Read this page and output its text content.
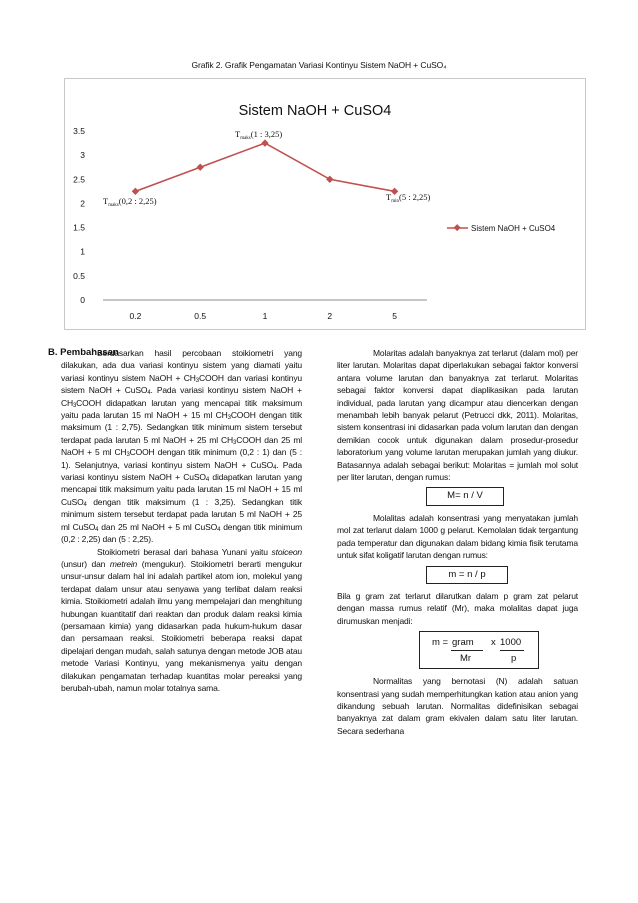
Grafik 2. Grafik Pengamatan Variasi Kontinyu Sistem NaOH + CuSO₄
Sistem NaOH + CuSO4
0
0.5
1
1.5
2
2.5
3
3.5
0.2	0.5	1	2	5
$T_{maks}(0,2$ : 2,25)
$T_{maks}(1$ : 3,25)
$T_{min}(5$ : 2,25)
Sistem NaOH + CuSO4
B. Pembahasan

Berdasarkan hasil percobaan stoikiometri yang dilakukan, ada dua variasi kontinyu sistem yang diamati yaitu variasi kontinyu sistem NaOH + $CH_3COOH$ dan variasi kontinyu sistem NaOH + CuSO$_4$. Pada variasi kontinyu sistem NaOH + $CH_3COOH$ didapatkan larutan yang mencapai titik maksimum yaitu pada larutan 15 ml NaOH + 15 ml $CH_3COOH$ dengan titik maksimum (1 : 2,75). Sedangkan titik minimum sistem tersebut terdapat pada larutan 5 ml NaOH + 25 ml $CH_3COOH$ dan 25 ml NaOH + 5 ml $CH_3COOH$ dengan titik minimum (0,2 : 1) dan (5 : 1). Selanjutnya, variasi kontinyu sistem NaOH + CuSO$_4$. Pada variasi kontinyu sistem NaOH + CuSO$_4$ didapatkan larutan yang mencapai titik maksimum yaitu pada larutan 15 ml NaOH + 15 ml CuSO$_4$ dengan titik maksimum (1 : 3,25). Sedangkan titik minimum sistem tersebut terdapat pada larutan 5 ml NaOH + 25 ml CuSO$_4$ dan 25 ml NaOH + 5 ml CuSO$_4$ dengan titik minimum (0,2 : 2,25) dan (5 : 2,25).

Stoikiometri berasal dari bahasa Yunani yaitu stoiceon (unsur) dan metrein (mengukur). Stoikiometri berarti mengukur unsur-unsur dalam hal ini adalah partikel atom ion, molekul yang terdapat dalam unsur atau senyawa yang terlibat dalam reaksi kimia. Stoikiometri adalah ilmu yang mempelajari dan menghitung hubungan kuantitatif dari reaktan dan produk dalam reaksi kimia (persamaan kimia) yang didasarkan pada hukum-hukum dasar dan persamaan reaksi. Stoikiometri beberapa reaksi dapat dipelajari dengan mudah, salah satunya dengan metode JOB atau metode Variasi Kontinyu, yang mekanismenya yaitu dengan dilakukan pengamatan terhadap kuantitas molar pereaksi yang berubah-ubah, namun molar totalnya sama.

Molaritas adalah banyaknya zat terlarut (dalam mol) per liter larutan. Molaritas dapat diperlakukan sebagai faktor konversi antara volume larutan dan banyaknya zat terlarut. Molaritas sebagai faktor konversi dapat diaplikasikan pada larutan individual, pada larutan yang dicampur atau diencerkan dengan menambah lebih banyak pelarut (Petrucci dkk, 2011). Molaritas, sistem konsentrasi ini didasarkan pada volum larutan dan dengan demikian cocok untuk digunakan dalam prosedur-prosedur laboratorium yang volume larutan merupakan jumlah yang diukur. Batasannya adalah sebagai berikut: Molaritas = jumlah mol solut per liter larutan, dengan rumus:

M= n / V

Molalitas adalah konsentrasi yang menyatakan jumlah mol zat terlarut dalam 1000 g pelarut. Kemolalan tidak tergantung pada temperatur dan digunakan dalam bidang kimia fisik terutama untuk sifat koligatif larutan dengan rumus:

m = n / p

Bila g gram zat terlarut dilarutkan dalam p gram zat pelarut dengan massa rumus relatif (Mr), maka molalitas dapat juga dirumuskan menjadi:

m = gram
Mr
x 1000
p

Normalitas yang bernotasi (N) adalah satuan konsentrasi yang sudah memperhitungkan kation atau anion yang dikandung sebuah larutan. Normalitas didefinisikan sebagai banyaknya zat dalam gram ekivalen dalam satu liter larutan. Secara sederhana
